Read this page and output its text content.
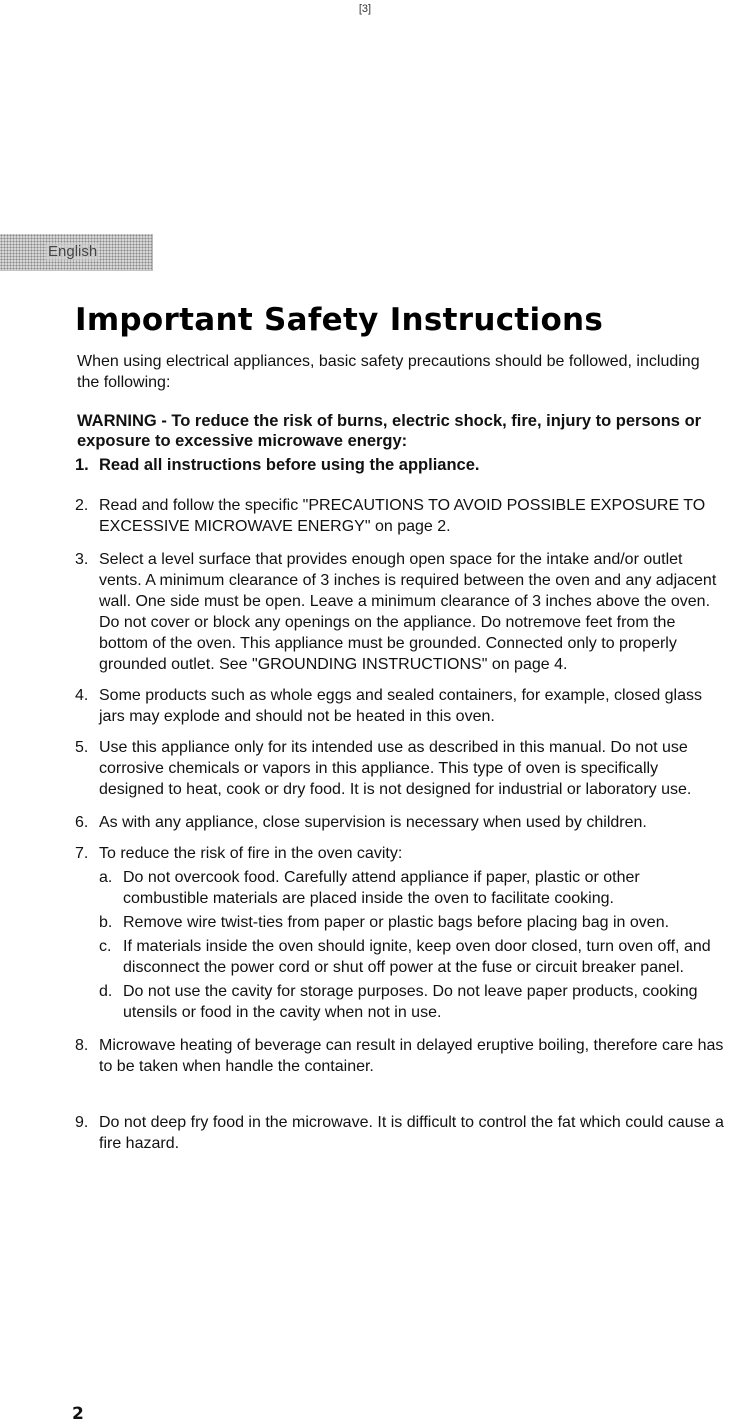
[3]
English
Important Safety Instructions

When using electrical appliances, basic safety precautions should be followed, including the following:

WARNING - To reduce the risk of burns, electric shock, fire, injury to persons or exposure to excessive microwave energy:

1. Read all instructions before using the appliance.
2. Read and follow the specific "PRECAUTIONS TO AVOID POSSIBLE EXPOSURE TO EXCESSIVE MICROWAVE ENERGY" on page 2.
3. Select a level surface that provides enough open space for the intake and/or outlet vents. A minimum clearance of 3 inches is required between the oven and any adjacent wall. One side must be open. Leave a minimum clearance of 3 inches above the oven. Do not cover or block any openings on the appliance. Do notremove feet from the bottom of the oven. This appliance must be grounded. Connected only to properly grounded outlet. See "GROUNDING INSTRUCTIONS" on page 4.
4. Some products such as whole eggs and sealed containers, for example, closed glass jars may explode and should not be heated in this oven.
5. Use this appliance only for its intended use as described in this manual. Do not use corrosive chemicals or vapors in this appliance. This type of oven is specifically designed to heat, cook or dry food. It is not designed for industrial or laboratory use.
6. As with any appliance, close supervision is necessary when used by children.
7. To reduce the risk of fire in the oven cavity:
a. Do not overcook food. Carefully attend appliance if paper, plastic or other combustible materials are placed inside the oven to facilitate cooking.
b. Remove wire twist-ties from paper or plastic bags before placing bag in oven.
c. If materials inside the oven should ignite, keep oven door closed, turn oven off, and disconnect the power cord or shut off power at the fuse or circuit breaker panel.
d. Do not use the cavity for storage purposes. Do not leave paper products, cooking utensils or food in the cavity when not in use.
8. Microwave heating of beverage can result in delayed eruptive boiling, therefore care has to be taken when handle the container.
9. Do not deep fry food in the microwave. It is difficult to control the fat which could cause a fire hazard.
2
